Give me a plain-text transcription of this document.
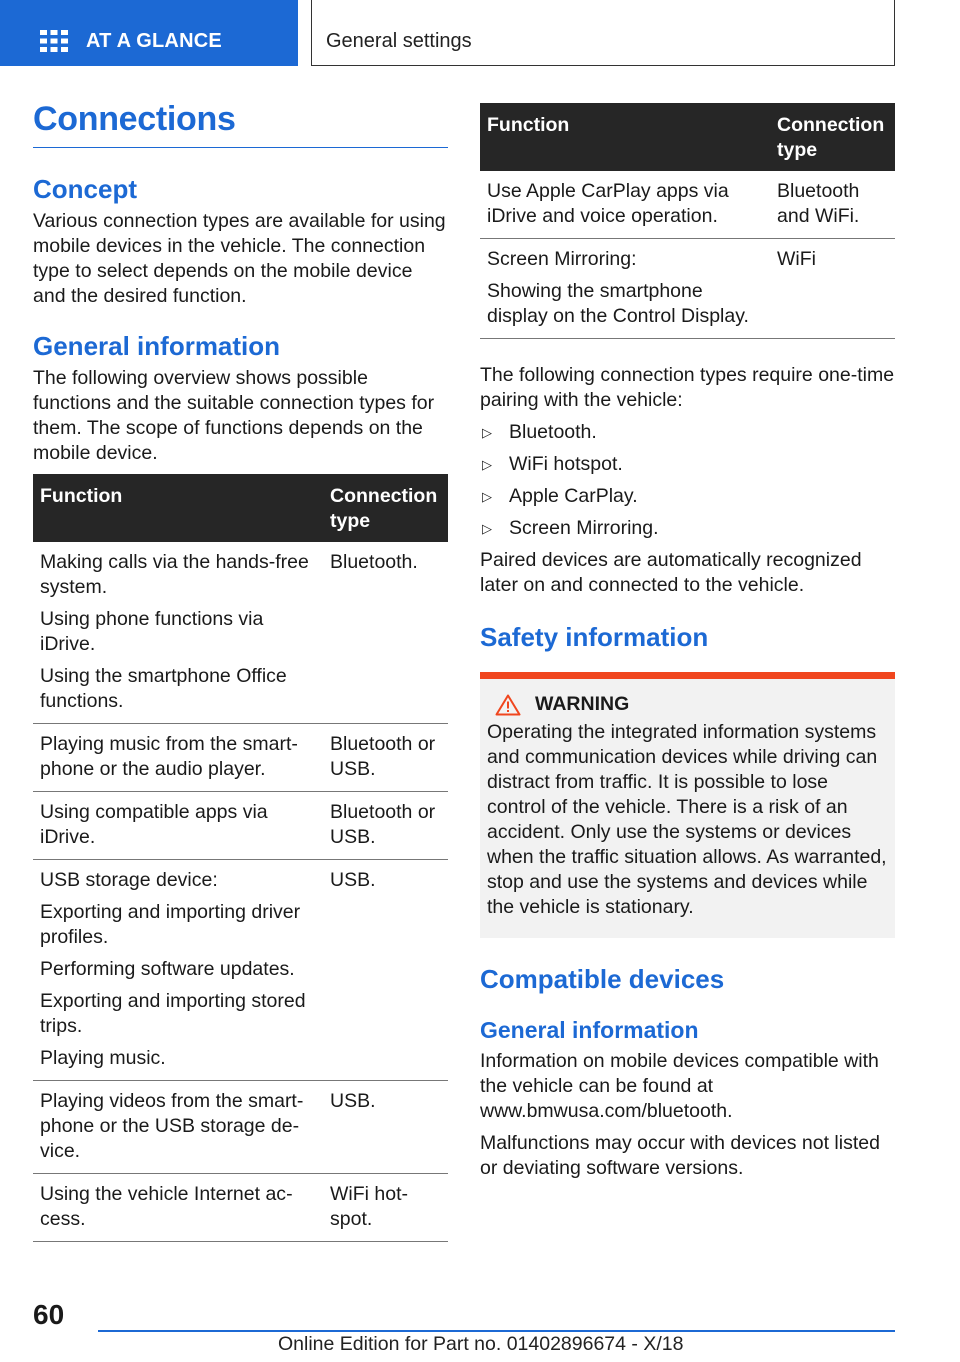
AT A GLANCE	General settings
Connections
Concept

Various connection types are available for using mobile devices in the vehicle. The connection type to select depends on the mobile device and the desired function.

General information

The following overview shows possible functions and the suitable connection types for them. The scope of functions depends on the mobile device.

Function	Connection type

Making calls via the hands-free system.
Using phone functions via iDrive.
Using the smartphone Office functions.	Bluetooth.

Playing music from the smartphone or the audio player.	Bluetooth or USB.

Using compatible apps via iDrive.	Bluetooth or USB.

USB storage device:
Exporting and importing driver profiles.
Performing software updates.
Exporting and importing stored trips.
Playing music.	USB.

Playing videos from the smartphone or the USB storage device.	USB.

Using the vehicle Internet access.	WiFi hotspot.
Function	Connection type

Use Apple CarPlay apps via iDrive and voice operation.	Bluetooth and WiFi.

Screen Mirroring:
Showing the smartphone display on the Control Display.	WiFi

The following connection types require one-time pairing with the vehicle:

▷ Bluetooth.
▷ WiFi hotspot.
▷ Apple CarPlay.
▷ Screen Mirroring.

Paired devices are automatically recognized later on and connected to the vehicle.

Safety information
WARNING

Operating the integrated information systems and communication devices while driving can distract from traffic. It is possible to lose control of the vehicle. There is a risk of an accident. Only use the systems or devices when the traffic situation allows. As warranted, stop and use the systems and devices while the vehicle is stationary.

Compatible devices
General information

Information on mobile devices compatible with the vehicle can be found at www.bmwusa.com/bluetooth.

Malfunctions may occur with devices not listed or deviating software versions.

60
Online Edition for Part no. 01402896674 - X/18
